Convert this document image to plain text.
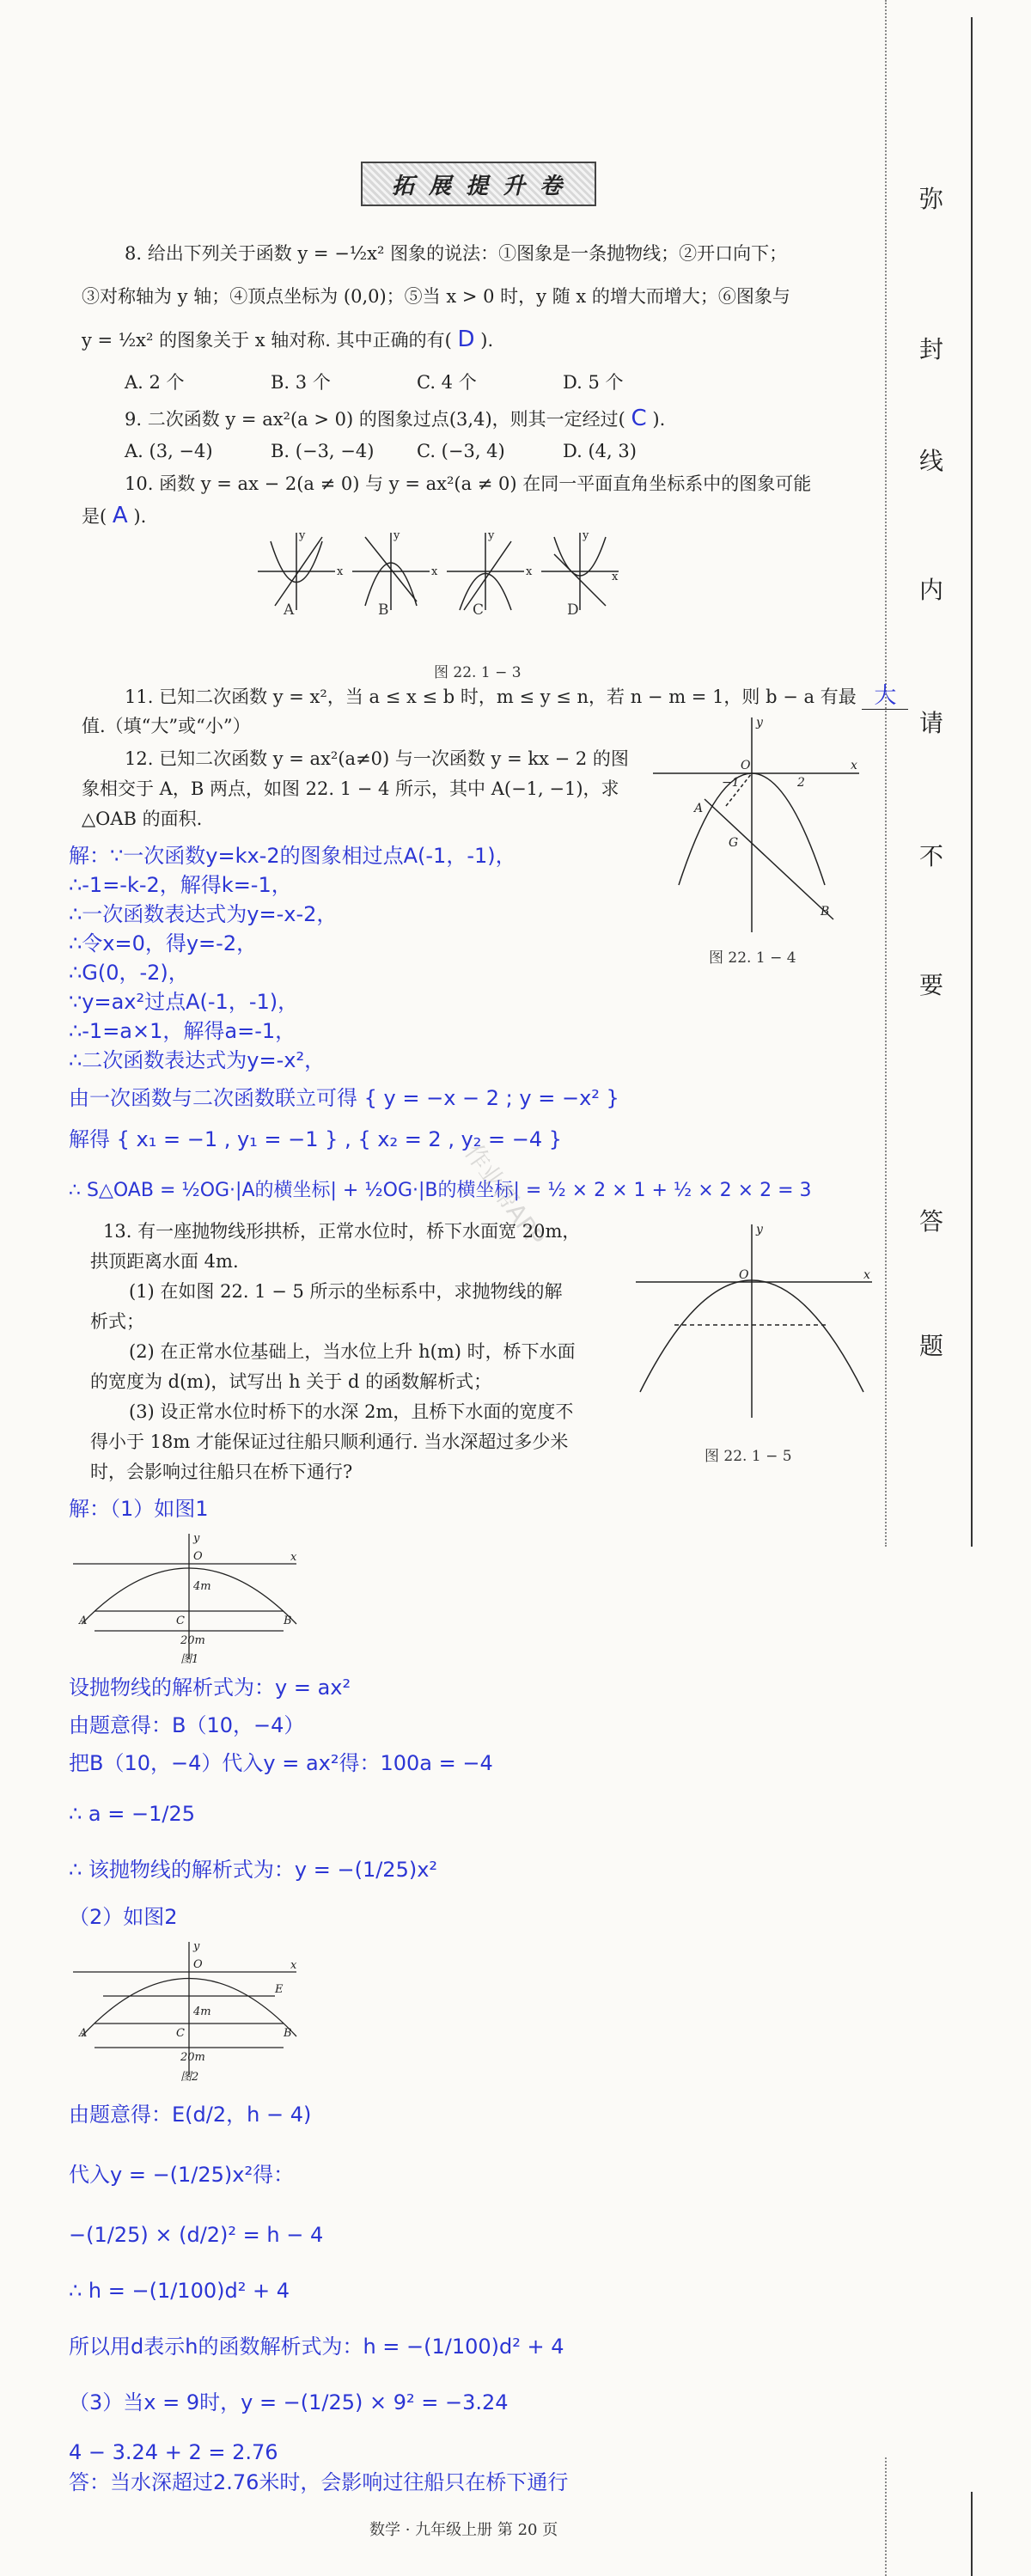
弥
封
线
内
请
不
要
答
题
拓 展 提 升 卷
8. 给出下列关于函数 y = −½x² 图象的说法：①图象是一条抛物线；②开口向下；
③对称轴为 y 轴；④顶点坐标为 (0,0)；⑤当 x > 0 时，y 随 x 的增大而增大；⑥图象与
y = ½x² 的图象关于 x 轴对称. 其中正确的有( D ).
A. 2 个	B. 3 个	C. 4 个	D. 5 个
9. 二次函数 y = ax²(a > 0) 的图象过点(3,4)，则其一定经过( C ).
A. (3, −4)	B. (−3, −4) C. (−3, 4)	D. (4, 3)
10. 函数 y = ax − 2(a ≠ 0) 与 y = ax²(a ≠ 0) 在同一平面直角坐标系中的图象可能
是( A ).
x
y
x
y
x
y
x
y
A	B	C	D
图 22. 1 − 3
11. 已知二次函数 y = x²，当 a ≤ x ≤ b 时，m ≤ y ≤ n，若 n − m = 1，则 b − a 有最 大
值.（填“大”或“小”）
12. 已知二次函数 y = ax²(a≠0) 与一次函数 y = kx − 2 的图
象相交于 A，B 两点，如图 22. 1 − 4 所示，其中 A(−1, −1)，求
△OAB 的面积.
x
y
O
−1	2
A
G
B
图 22. 1 − 4
解：∵一次函数y=kx-2的图象相过点A(-1，-1)，
∴-1=-k-2，解得k=-1，
∴一次函数表达式为y=-x-2，
∴令x=0，得y=-2，
∴G(0，-2)，
∵y=ax²过点A(-1，-1)，
∴-1=a×1，解得a=-1，
∴二次函数表达式为y=-x²，
由一次函数与二次函数联立可得 { y = −x − 2 ; y = −x² }
解得 { x₁ = −1 , y₁ = −1 } , { x₂ = 2 , y₂ = −4 }
∴ S△OAB = ½OG·|A的横坐标| + ½OG·|B的横坐标| = ½ × 2 × 1 + ½ × 2 × 2 = 3
作业帮APP
13. 有一座抛物线形拱桥，正常水位时，桥下水面宽 20m，
拱顶距离水面 4m.
(1) 在如图 22. 1 − 5 所示的坐标系中，求抛物线的解
析式；
(2) 在正常水位基础上，当水位上升 h(m) 时，桥下水面
的宽度为 d(m)，试写出 h 关于 d 的函数解析式；
(3) 设正常水位时桥下的水深 2m，且桥下水面的宽度不
得小于 18m 才能保证过往船只顺利通行. 当水深超过多少米
时，会影响过往船只在桥下通行?
x
y
O
图 22. 1 − 5
解：（1）如图1
x
y
O
C
A	B
4m
20m
图1
设抛物线的解析式为：y = ax²
由题意得：B（10，−4）
把B（10，−4）代入y = ax²得：100a = −4
∴ a = −1/25
∴ 该抛物线的解析式为：y = −(1/25)x²
（2）如图2
x
y
O
C
A	B
E
4m
20m
图2
由题意得：E(d/2，h − 4)
代入y = −(1/25)x²得：
−(1/25) × (d/2)² = h − 4
∴ h = −(1/100)d² + 4
所以用d表示h的函数解析式为：h = −(1/100)d² + 4
（3）当x = 9时，y = −(1/25) × 9² = −3.24
4 − 3.24 + 2 = 2.76
答：当水深超过2.76米时，会影响过往船只在桥下通行
数学 · 九年级上册 第 20 页
